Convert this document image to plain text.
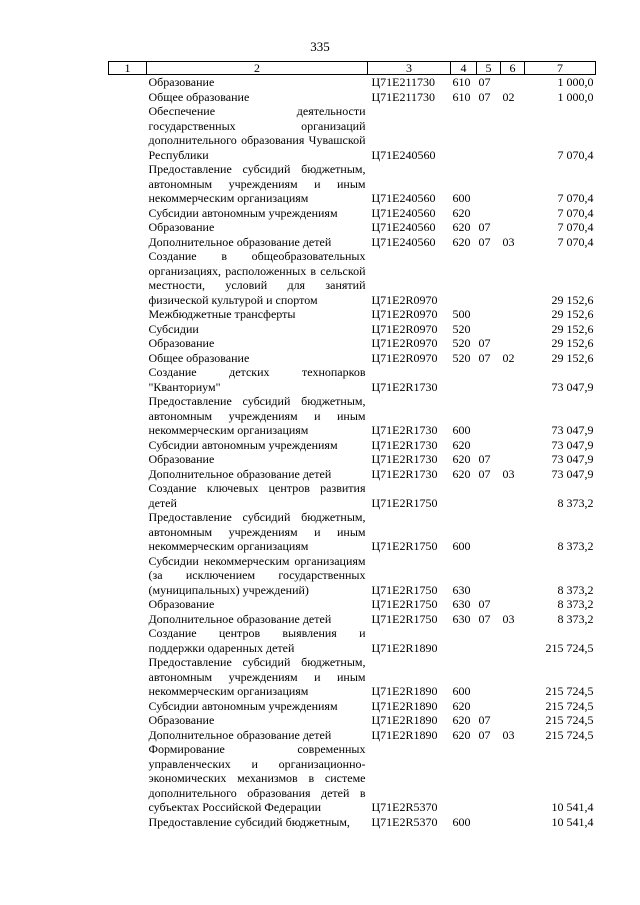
335
1	2	3	4	5	6	7
	Образование	Ц71Е211730	610	07		1 000,0
	Общее образование	Ц71Е211730	610	07	02	1 000,0
	Обеспечение деятельности государственных организаций дополнительного образования Чувашской Республики	Ц71Е240560				7 070,4
	Предоставление субсидий бюджетным, автономным учреждениям и иным некоммерческим организациям	Ц71Е240560	600			7 070,4
	Субсидии автономным учреждениям	Ц71Е240560	620			7 070,4
	Образование	Ц71Е240560	620	07		7 070,4
	Дополнительное образование детей	Ц71Е240560	620	07	03	7 070,4
	Создание в общеобразовательных организациях, расположенных в сельской местности, условий для занятий физической культурой и спортом	Ц71Е2R0970				29 152,6
	Межбюджетные трансферты	Ц71Е2R0970	500			29 152,6
	Субсидии	Ц71Е2R0970	520			29 152,6
	Образование	Ц71Е2R0970	520	07		29 152,6
	Общее образование	Ц71Е2R0970	520	07	02	29 152,6
	Создание детских технопарков "Кванториум"	Ц71Е2R1730				73 047,9
	Предоставление субсидий бюджетным, автономным учреждениям и иным некоммерческим организациям	Ц71Е2R1730	600			73 047,9
	Субсидии автономным учреждениям	Ц71Е2R1730	620			73 047,9
	Образование	Ц71Е2R1730	620	07		73 047,9
	Дополнительное образование детей	Ц71Е2R1730	620	07	03	73 047,9
	Создание ключевых центров развития детей	Ц71Е2R1750				8 373,2
	Предоставление субсидий бюджетным, автономным учреждениям и иным некоммерческим организациям	Ц71Е2R1750	600			8 373,2
	Субсидии некоммерческим организациям (за исключением государственных (муниципальных) учреждений)	Ц71Е2R1750	630			8 373,2
	Образование	Ц71Е2R1750	630	07		8 373,2
	Дополнительное образование детей	Ц71Е2R1750	630	07	03	8 373,2
	Создание центров выявления и поддержки одаренных детей	Ц71Е2R1890				215 724,5
	Предоставление субсидий бюджетным, автономным учреждениям и иным некоммерческим организациям	Ц71Е2R1890	600			215 724,5
	Субсидии автономным учреждениям	Ц71Е2R1890	620			215 724,5
	Образование	Ц71Е2R1890	620	07		215 724,5
	Дополнительное образование детей	Ц71Е2R1890	620	07	03	215 724,5
	Формирование современных управленческих и организационно-экономических механизмов в системе дополнительного образования детей в субъектах Российской Федерации	Ц71Е2R5370				10 541,4
	Предоставление субсидий бюджетным,	Ц71Е2R5370	600			10 541,4
